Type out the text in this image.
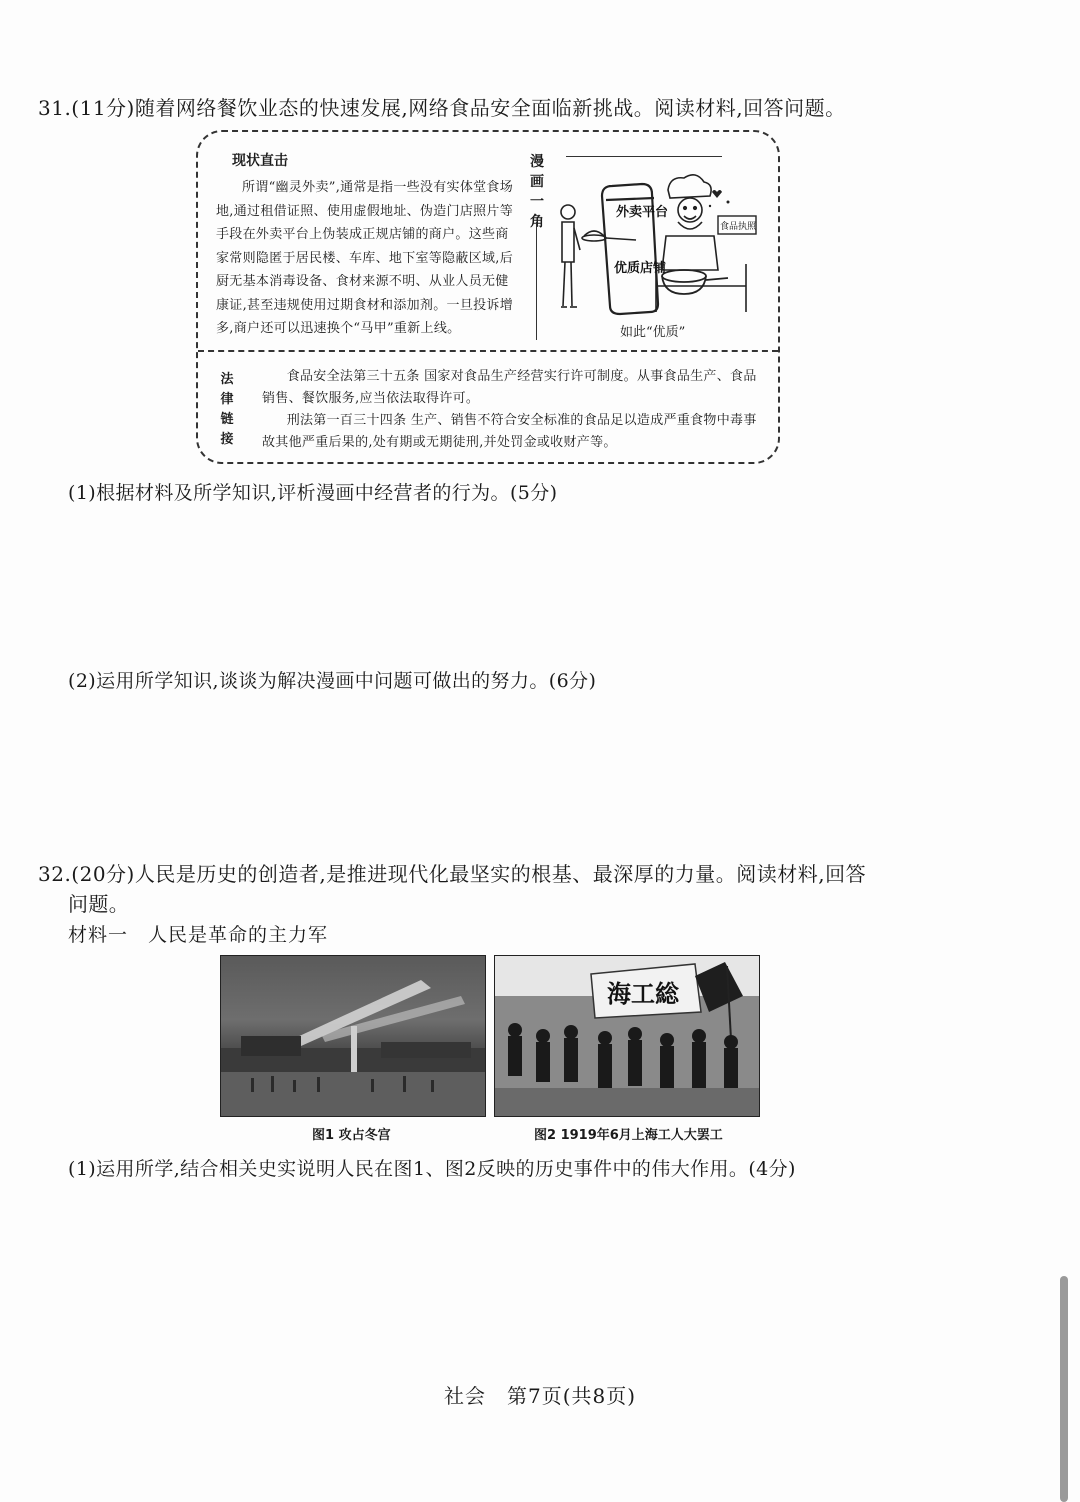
31.(11分)随着网络餐饮业态的快速发展,网络食品安全面临新挑战。阅读材料,回答问题。
现状直击
所谓“幽灵外卖”,通常是指一些没有实体堂食场地,通过租借证照、使用虚假地址、伪造门店照片等手段在外卖平台上伪装成正规店铺的商户。这些商家常则隐匿于居民楼、车库、地下室等隐蔽区域,后厨无基本消毒设备、食材来源不明、从业人员无健康证,甚至违规使用过期食材和添加剂。一旦投诉增多,商户还可以迅速换个“马甲”重新上线。
漫画一角
外卖平台
优质店铺
食品执照
如此“优质”
法律链接

食品安全法第三十五条 国家对食品生产经营实行许可制度。从事食品生产、食品销售、餐饮服务,应当依法取得许可。

刑法第一百三十四条 生产、销售不符合安全标准的食品足以造成严重食物中毒事故其他严重后果的,处有期或无期徒刑,并处罚金或收财产等。

(1)根据材料及所学知识,评析漫画中经营者的行为。(5分)
(2)运用所学知识,谈谈为解决漫画中问题可做出的努力。(6分)
32.(20分)人民是历史的创造者,是推进现代化最坚实的根基、最深厚的力量。阅读材料,回答
问题。
材料一　人民是革命的主力军
图1 攻占冬宫
海工総
图2 1919年6月上海工人大罢工
(1)运用所学,结合相关史实说明人民在图1、图2反映的历史事件中的伟大作用。(4分)
社会　第7页(共8页)
